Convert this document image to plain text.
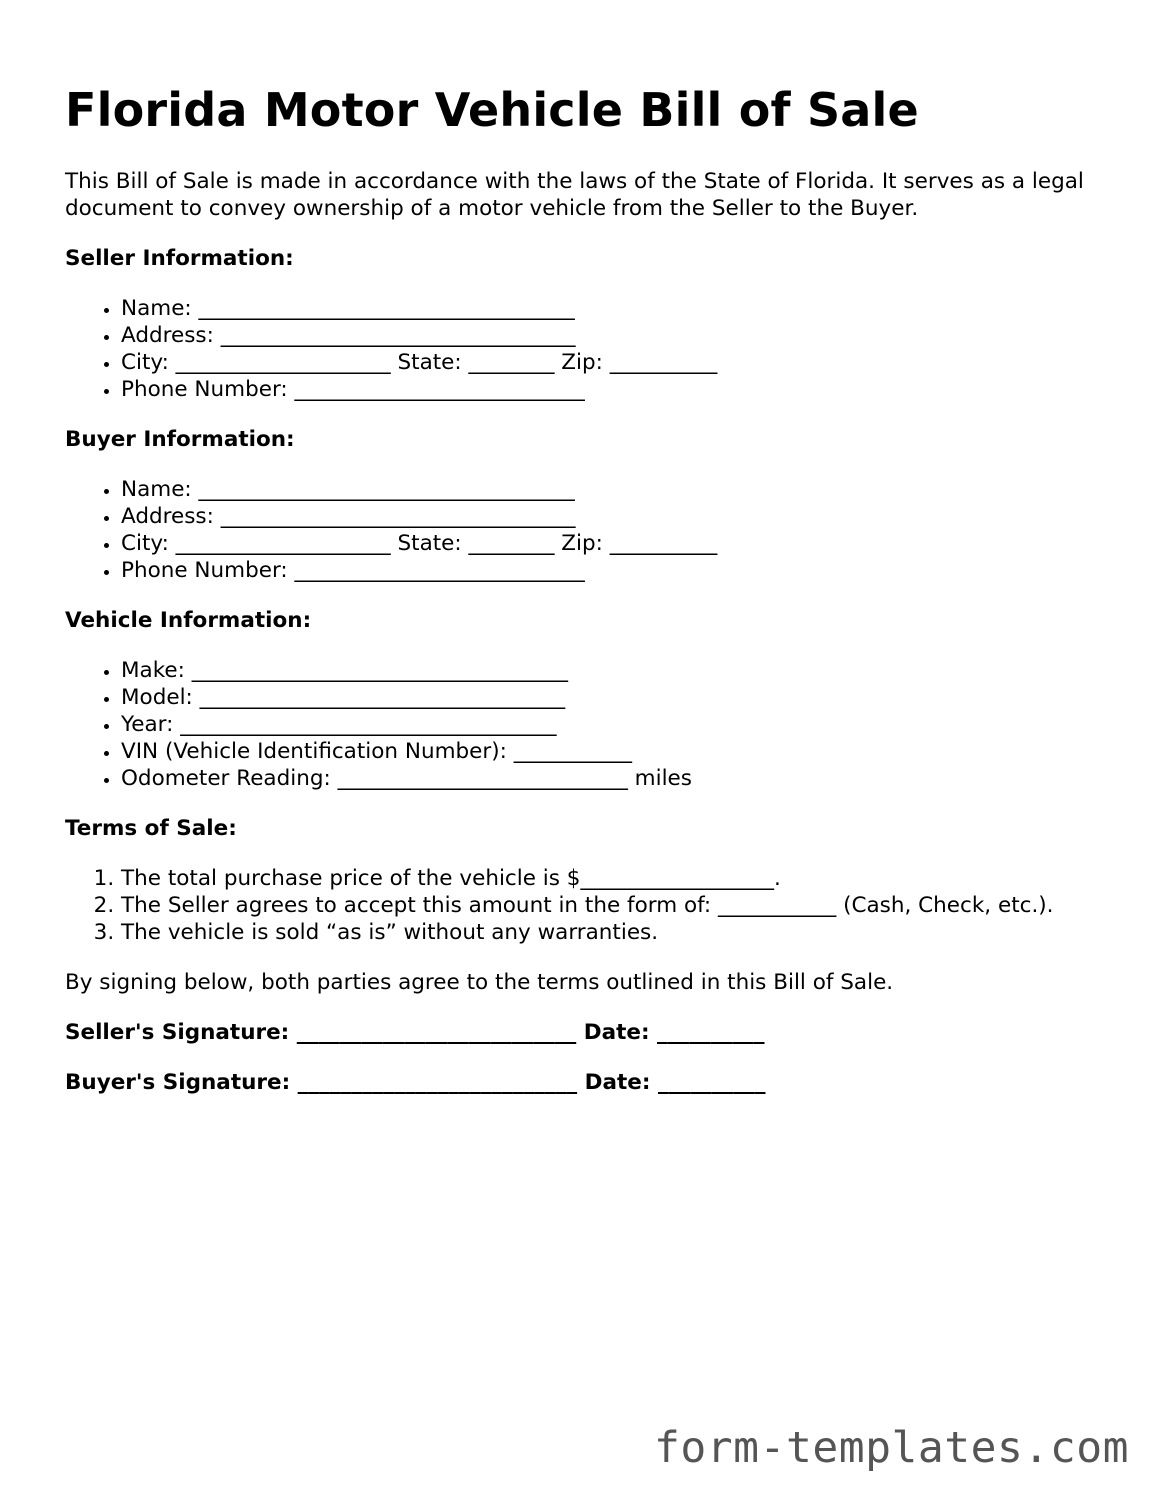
Florida Motor Vehicle Bill of Sale

This Bill of Sale is made in accordance with the laws of the State of Florida. It serves as a legal document to convey ownership of a motor vehicle from the Seller to the Buyer.

Seller Information:
• Name: ___________________________________
• Address: _________________________________
• City: ____________________ State: ________ Zip: __________
• Phone Number: ___________________________
Buyer Information:
• Name: ___________________________________
• Address: _________________________________
• City: ____________________ State: ________ Zip: __________
• Phone Number: ___________________________
Vehicle Information:
• Make: ___________________________________
• Model: __________________________________
• Year: ___________________________________
• VIN (Vehicle Identification Number): ___________
• Odometer Reading: ___________________________ miles
Terms of Sale:
1. The total purchase price of the vehicle is $__________________.
2. The Seller agrees to accept this amount in the form of: ___________ (Cash, Check, etc.).
3. The vehicle is sold “as is” without any warranties.

By signing below, both parties agree to the terms outlined in this Bill of Sale.

Seller's Signature: __________________________ Date: __________

Buyer's Signature: __________________________ Date: __________

form-templates.com
